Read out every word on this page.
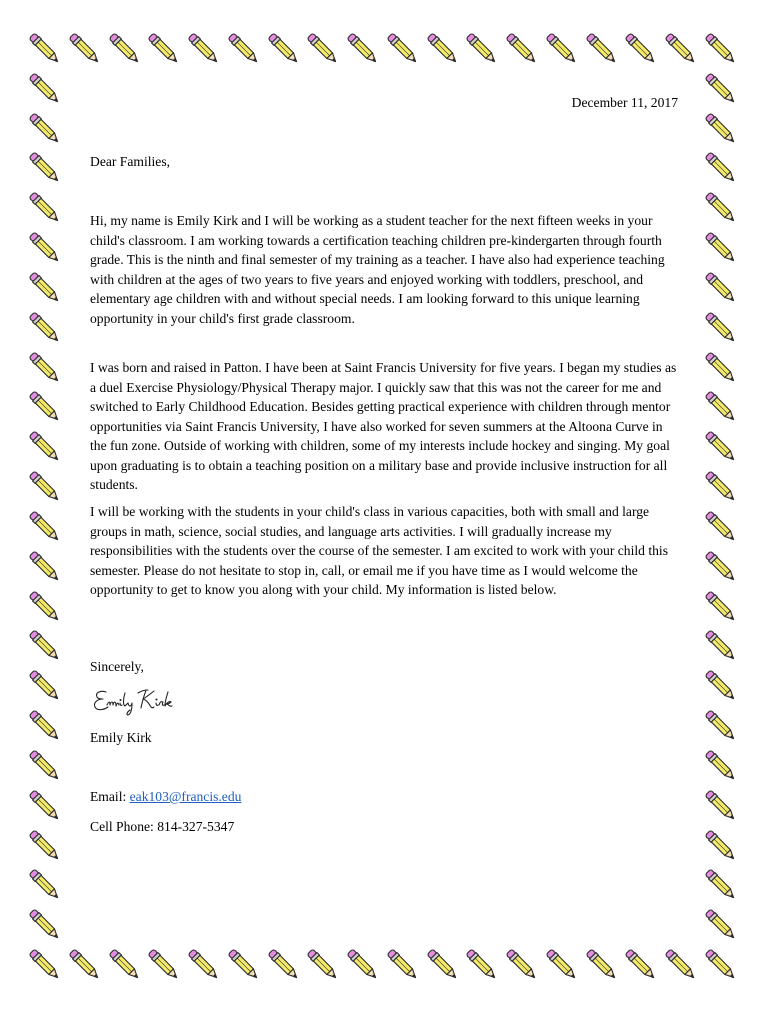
December 11, 2017
Dear Families,

Hi, my name is Emily Kirk and I will be working as a student teacher for the next fifteen weeks in your child's classroom. I am working towards a certification teaching children pre-kindergarten through fourth grade. This is the ninth and final semester of my training as a teacher. I have also had experience teaching with children at the ages of two years to five years and enjoyed working with toddlers, preschool, and elementary age children with and without special needs. I am looking forward to this unique learning opportunity in your child's first grade classroom.

I was born and raised in Patton. I have been at Saint Francis University for five years. I began my studies as a duel Exercise Physiology/Physical Therapy major. I quickly saw that this was not the career for me and switched to Early Childhood Education. Besides getting practical experience with children through mentor opportunities via Saint Francis University, I have also worked for seven summers at the Altoona Curve in the fun zone. Outside of working with children, some of my interests include hockey and singing. My goal upon graduating is to obtain a teaching position on a military base and provide inclusive instruction for all students.

I will be working with the students in your child's class in various capacities, both with small and large groups in math, science, social studies, and language arts activities. I will gradually increase my responsibilities with the students over the course of the semester. I am excited to work with your child this semester. Please do not hesitate to stop in, call, or email me if you have time as I would welcome the opportunity to get to know you along with your child. My information is listed below.

Sincerely,
Emily Kirk
Email: eak103@francis.edu
Cell Phone: 814-327-5347
